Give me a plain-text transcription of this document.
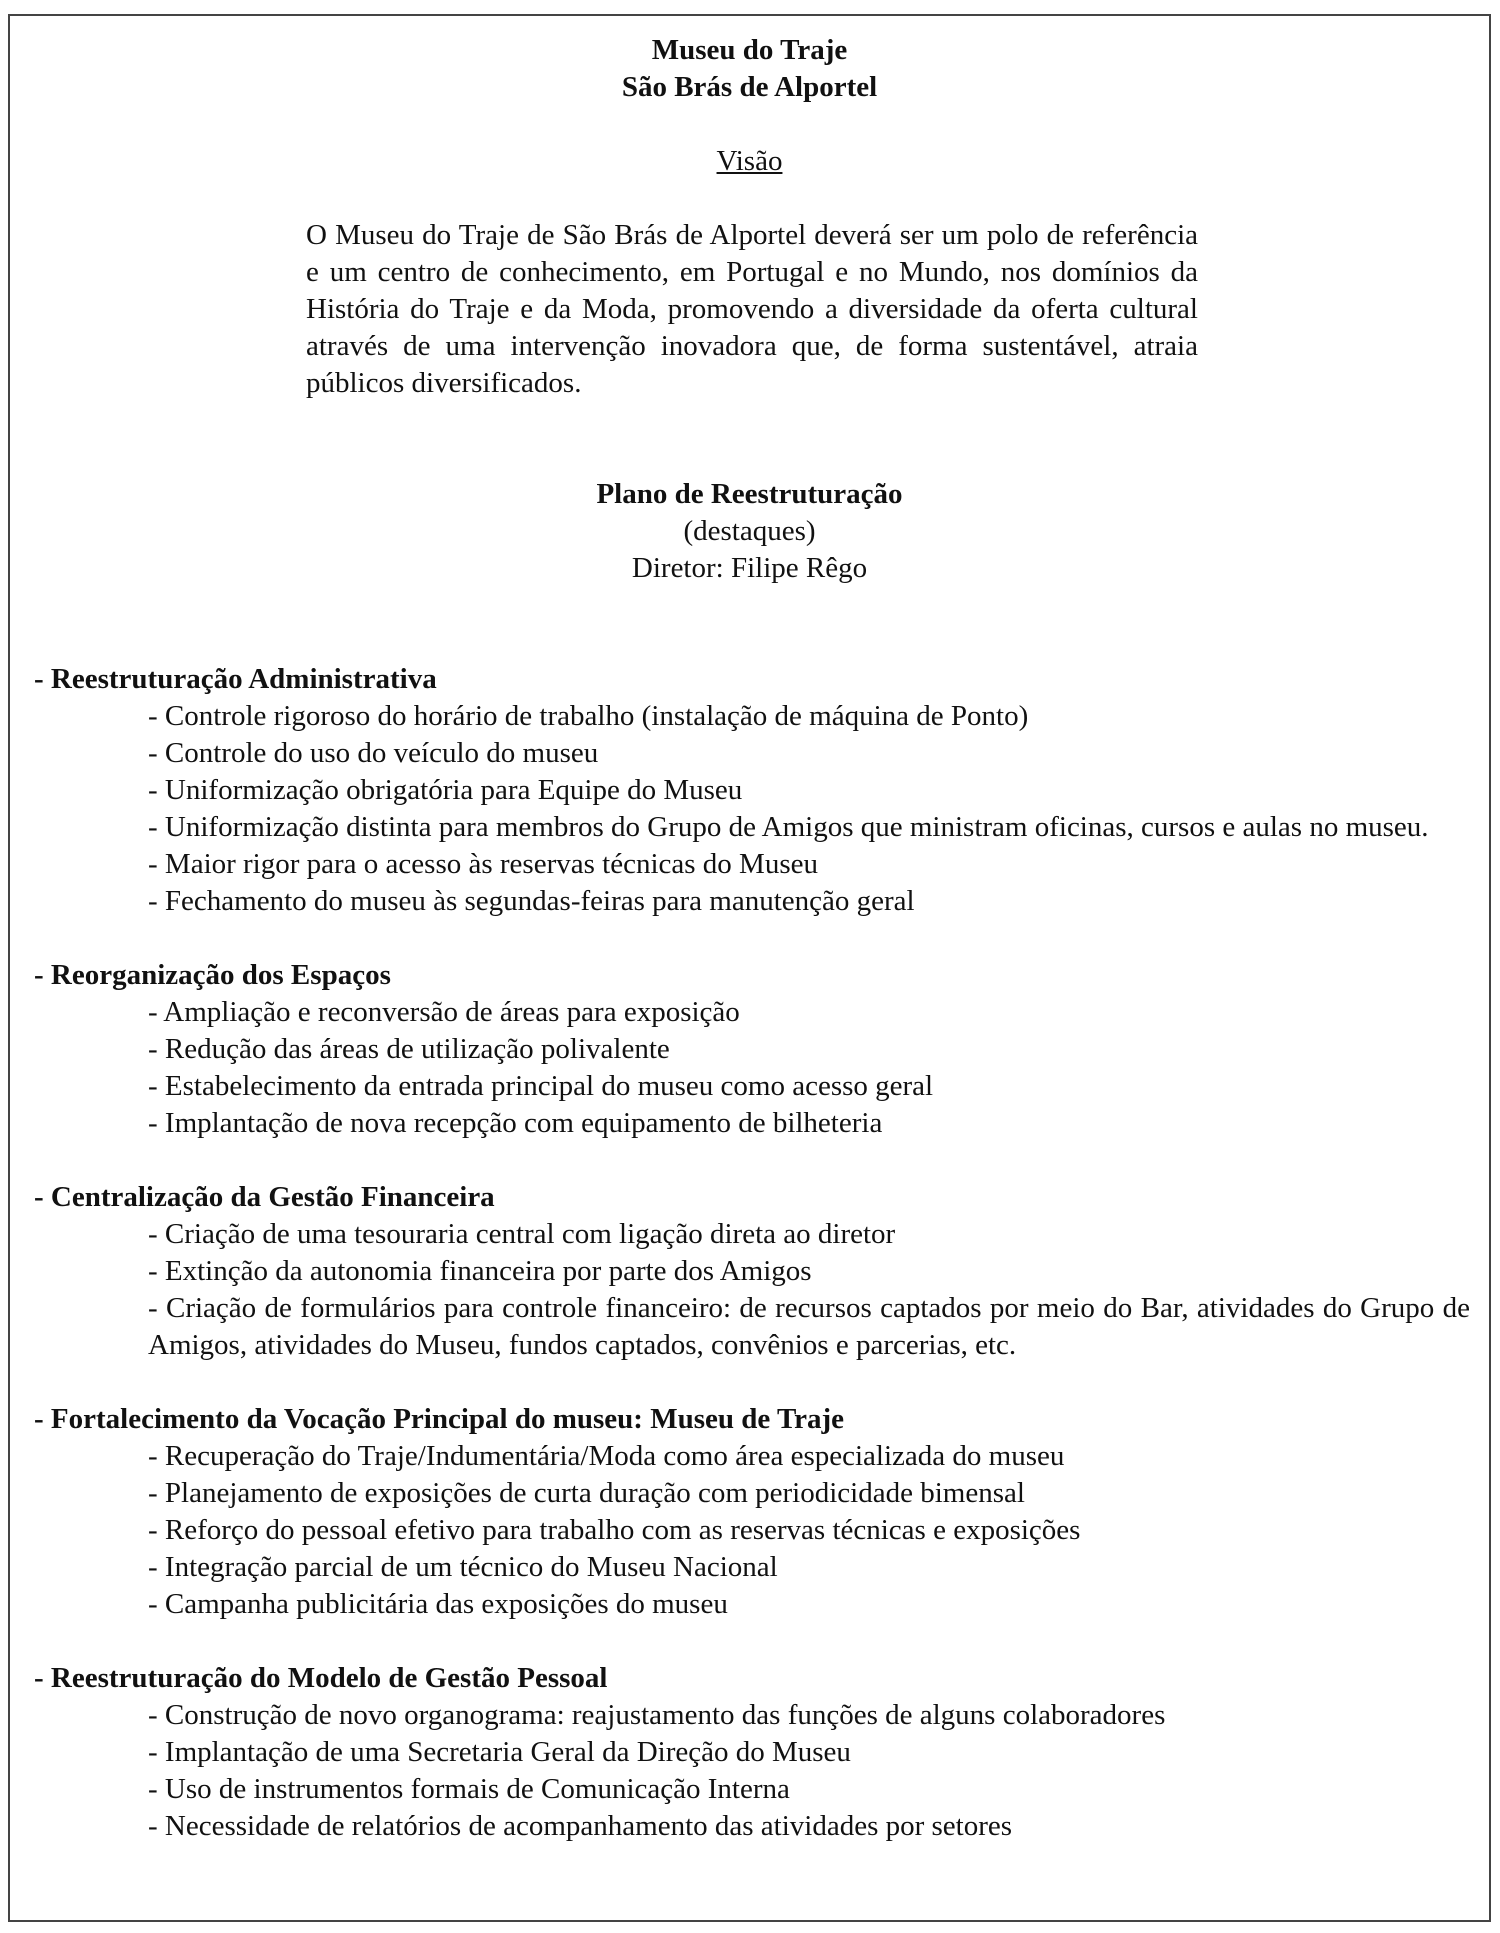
Museu do Traje
São Brás de Alportel
Visão
O Museu do Traje de São Brás de Alportel deverá ser um polo de referência e um centro de conhecimento, em Portugal e no Mundo, nos domínios da História do Traje e da Moda, promovendo a diversidade da oferta cultural através de uma intervenção inovadora que, de forma sustentável, atraia públicos diversificados.
Plano de Reestruturação
(destaques)
Diretor: Filipe Rêgo
- Reestruturação Administrativa
- Controle rigoroso do horário de trabalho (instalação de máquina de Ponto)
- Controle do uso do veículo do museu
- Uniformização obrigatória para Equipe do Museu
- Uniformização distinta para membros do Grupo de Amigos que ministram oficinas, cursos e aulas no museu.
- Maior rigor para o acesso às reservas técnicas do Museu
- Fechamento do museu às segundas-feiras para manutenção geral
- Reorganização dos Espaços
- Ampliação e reconversão de áreas para exposição
- Redução das áreas de utilização polivalente
- Estabelecimento da entrada principal do museu como acesso geral
- Implantação de nova recepção com equipamento de bilheteria
- Centralização da Gestão Financeira
- Criação de uma tesouraria central com ligação direta ao diretor
- Extinção da autonomia financeira por parte dos Amigos
- Criação de formulários para controle financeiro: de recursos captados por meio do Bar, atividades do Grupo de Amigos, atividades do Museu, fundos captados, convênios e parcerias, etc.
- Fortalecimento da Vocação Principal do museu: Museu de Traje
- Recuperação do Traje/Indumentária/Moda como área especializada do museu
- Planejamento de exposições de curta duração com periodicidade bimensal
- Reforço do pessoal efetivo para trabalho com as reservas técnicas e exposições
- Integração parcial de um técnico do Museu Nacional
- Campanha publicitária das exposições do museu
- Reestruturação do Modelo de Gestão Pessoal
- Construção de novo organograma: reajustamento das funções de alguns colaboradores
- Implantação de uma Secretaria Geral da Direção do Museu
- Uso de instrumentos formais de Comunicação Interna
- Necessidade de relatórios de acompanhamento das atividades por setores
